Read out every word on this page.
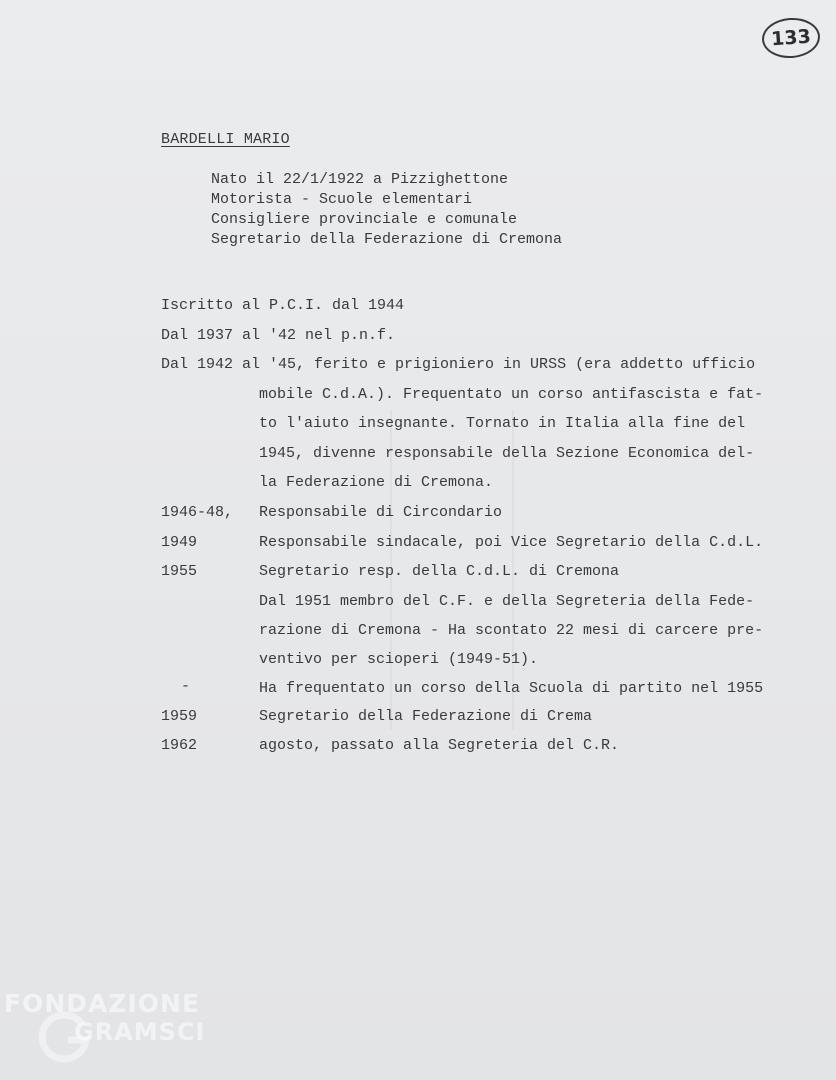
133
BARDELLI MARIO
Nato il 22/1/1922 a Pizzighettone
Motorista - Scuole elementari
Consigliere provinciale e comunale
Segretario della Federazione di Cremona
Iscritto al P.C.I. dal 1944
Dal 1937 al '42 nel p.n.f.
Dal 1942 al '45, ferito e prigioniero in URSS (era addetto ufficio
mobile C.d.A.). Frequentato un corso antifascista e fat-
to l'aiuto insegnante. Tornato in Italia alla fine del
1945, divenne responsabile della Sezione Economica del-
la Federazione di Cremona.
1946-48, Responsabile di Circondario
1949	Responsabile sindacale, poi Vice Segretario della C.d.L.
1955	Segretario resp. della C.d.L. di Cremona
Dal 1951 membro del C.F. e della Segreteria della Fede-
razione di Cremona - Ha scontato 22 mesi di carcere pre-
ventivo per scioperi (1949-51).
-	Ha frequentato un corso della Scuola di partito nel 1955
1959	Segretario della Federazione di Crema
1962	agosto, passato alla Segreteria del C.R.
FONDAZIONE
GRAMSCI
